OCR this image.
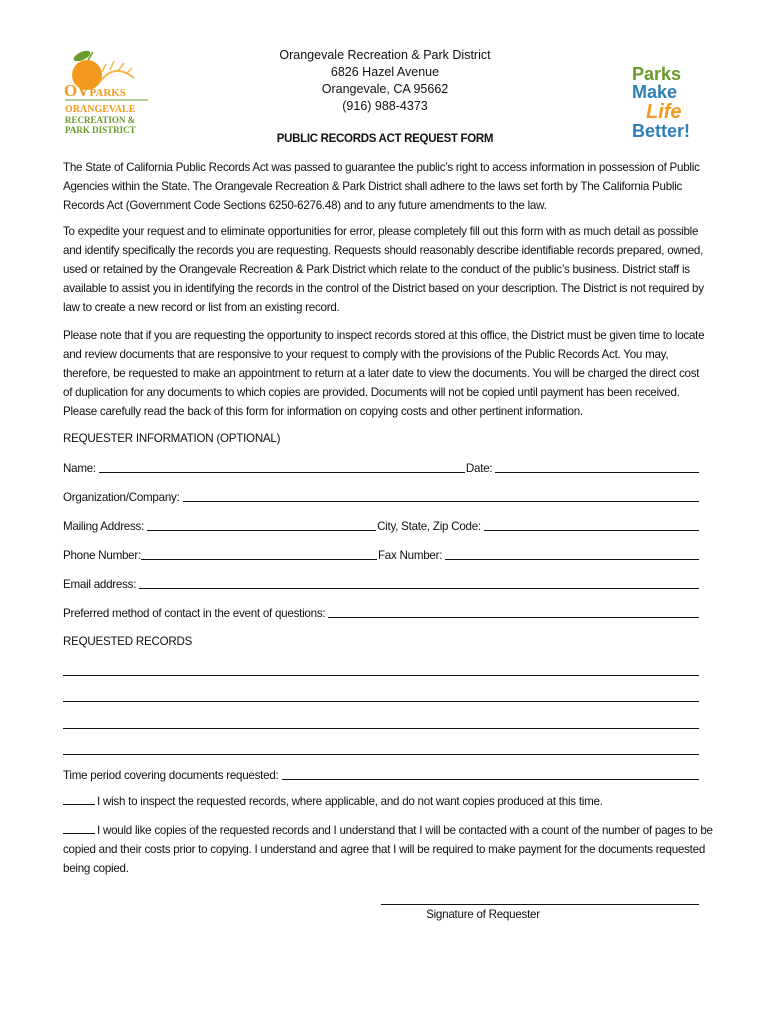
OVPARKS
ORANGEVALE
RECREATION &
PARK DISTRICT
Orangevale Recreation & Park District
6826 Hazel Avenue
Orangevale, CA 95662
(916) 988-4373
Parks
Make
Life
Better!
PUBLIC RECORDS ACT REQUEST FORM

The State of California Public Records Act was passed to guarantee the public’s right to access information in possession of Public Agencies within the State. The Orangevale Recreation & Park District shall adhere to the laws set forth by The California Public Records Act (Government Code Sections 6250-6276.48) and to any future amendments to the law.

To expedite your request and to eliminate opportunities for error, please completely fill out this form with as much detail as possible and identify specifically the records you are requesting. Requests should reasonably describe identifiable records prepared, owned, used or retained by the Orangevale Recreation & Park District which relate to the conduct of the public’s business. District staff is available to assist you in identifying the records in the control of the District based on your description. The District is not required by law to create a new record or list from an existing record.

Please note that if you are requesting the opportunity to inspect records stored at this office, the District must be given time to locate and review documents that are responsive to your request to comply with the provisions of the Public Records Act. You may, therefore, be requested to make an appointment to return at a later date to view the documents. You will be charged the direct cost of duplication for any documents to which copies are provided. Documents will not be copied until payment has been received. Please carefully read the back of this form for information on copying costs and other pertinent information.

REQUESTER INFORMATION (OPTIONAL)
Name:	Date:
Organization/Company:
Mailing Address:	City, State, Zip Code:
Phone Number:	Fax Number:
Email address:
Preferred method of contact in the event of questions:
REQUESTED RECORDS
Time period covering documents requested:
I wish to inspect the requested records, where applicable, and do not want copies produced at this time.
I would like copies of the requested records and I understand that I will be contacted with a count of the number of pages to be copied and their costs prior to copying. I understand and agree that I will be required to make payment for the documents requested being copied.
Signature of Requester
